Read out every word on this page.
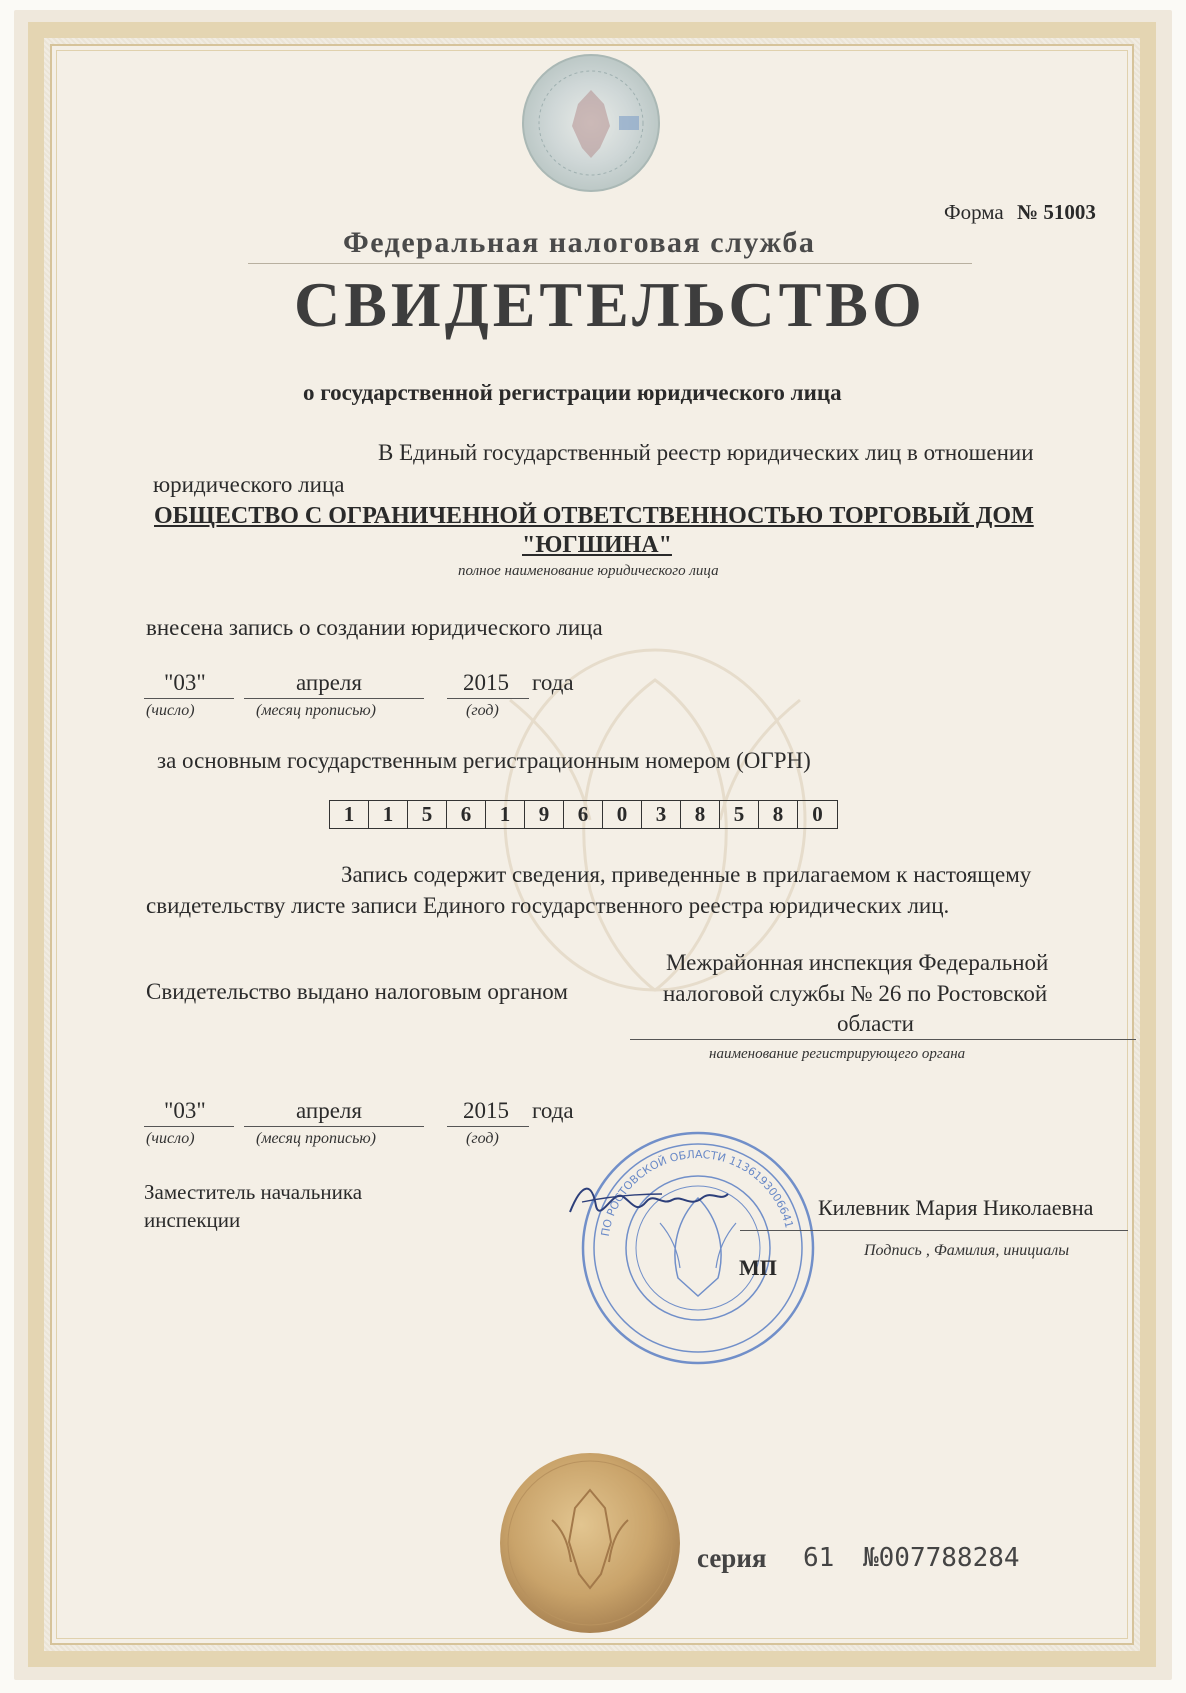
Форма № 51003
Федеральная налоговая служба
СВИДЕТЕЛЬСТВО
о государственной регистрации юридического лица
В Единый государственный реестр юридических лиц в отношении
юридического лица
ОБЩЕСТВО С ОГРАНИЧЕННОЙ ОТВЕТСТВЕННОСТЬЮ ТОРГОВЫЙ ДОМ
"ЮГШИНА"
полное наименование юридического лица
внесена запись о создании юридического лица
"03"	апреля	2015 года
(число)	(месяц прописью)	(год)
за основным государственным регистрационным номером (ОГРН)
1	1	5	6	1	9	6	0	3	8	5	8	0
Запись содержит сведения, приведенные в прилагаемом к настоящему
свидетельству листе записи Единого государственного реестра юридических лиц.
Свидетельство выдано налоговым органом
Межрайонная инспекция Федеральной
налоговой службы № 26 по Ростовской
области
наименование регистрирующего органа
"03"	апреля	2015 года
(число)	(месяц прописью)	(год)
Заместитель начальника
инспекции
ПО РОСТОВСКОЙ ОБЛАСТИ 1136193006641
МП
Килевник Мария Николаевна
Подпись , Фамилия, инициалы
серия 61 №007788284
